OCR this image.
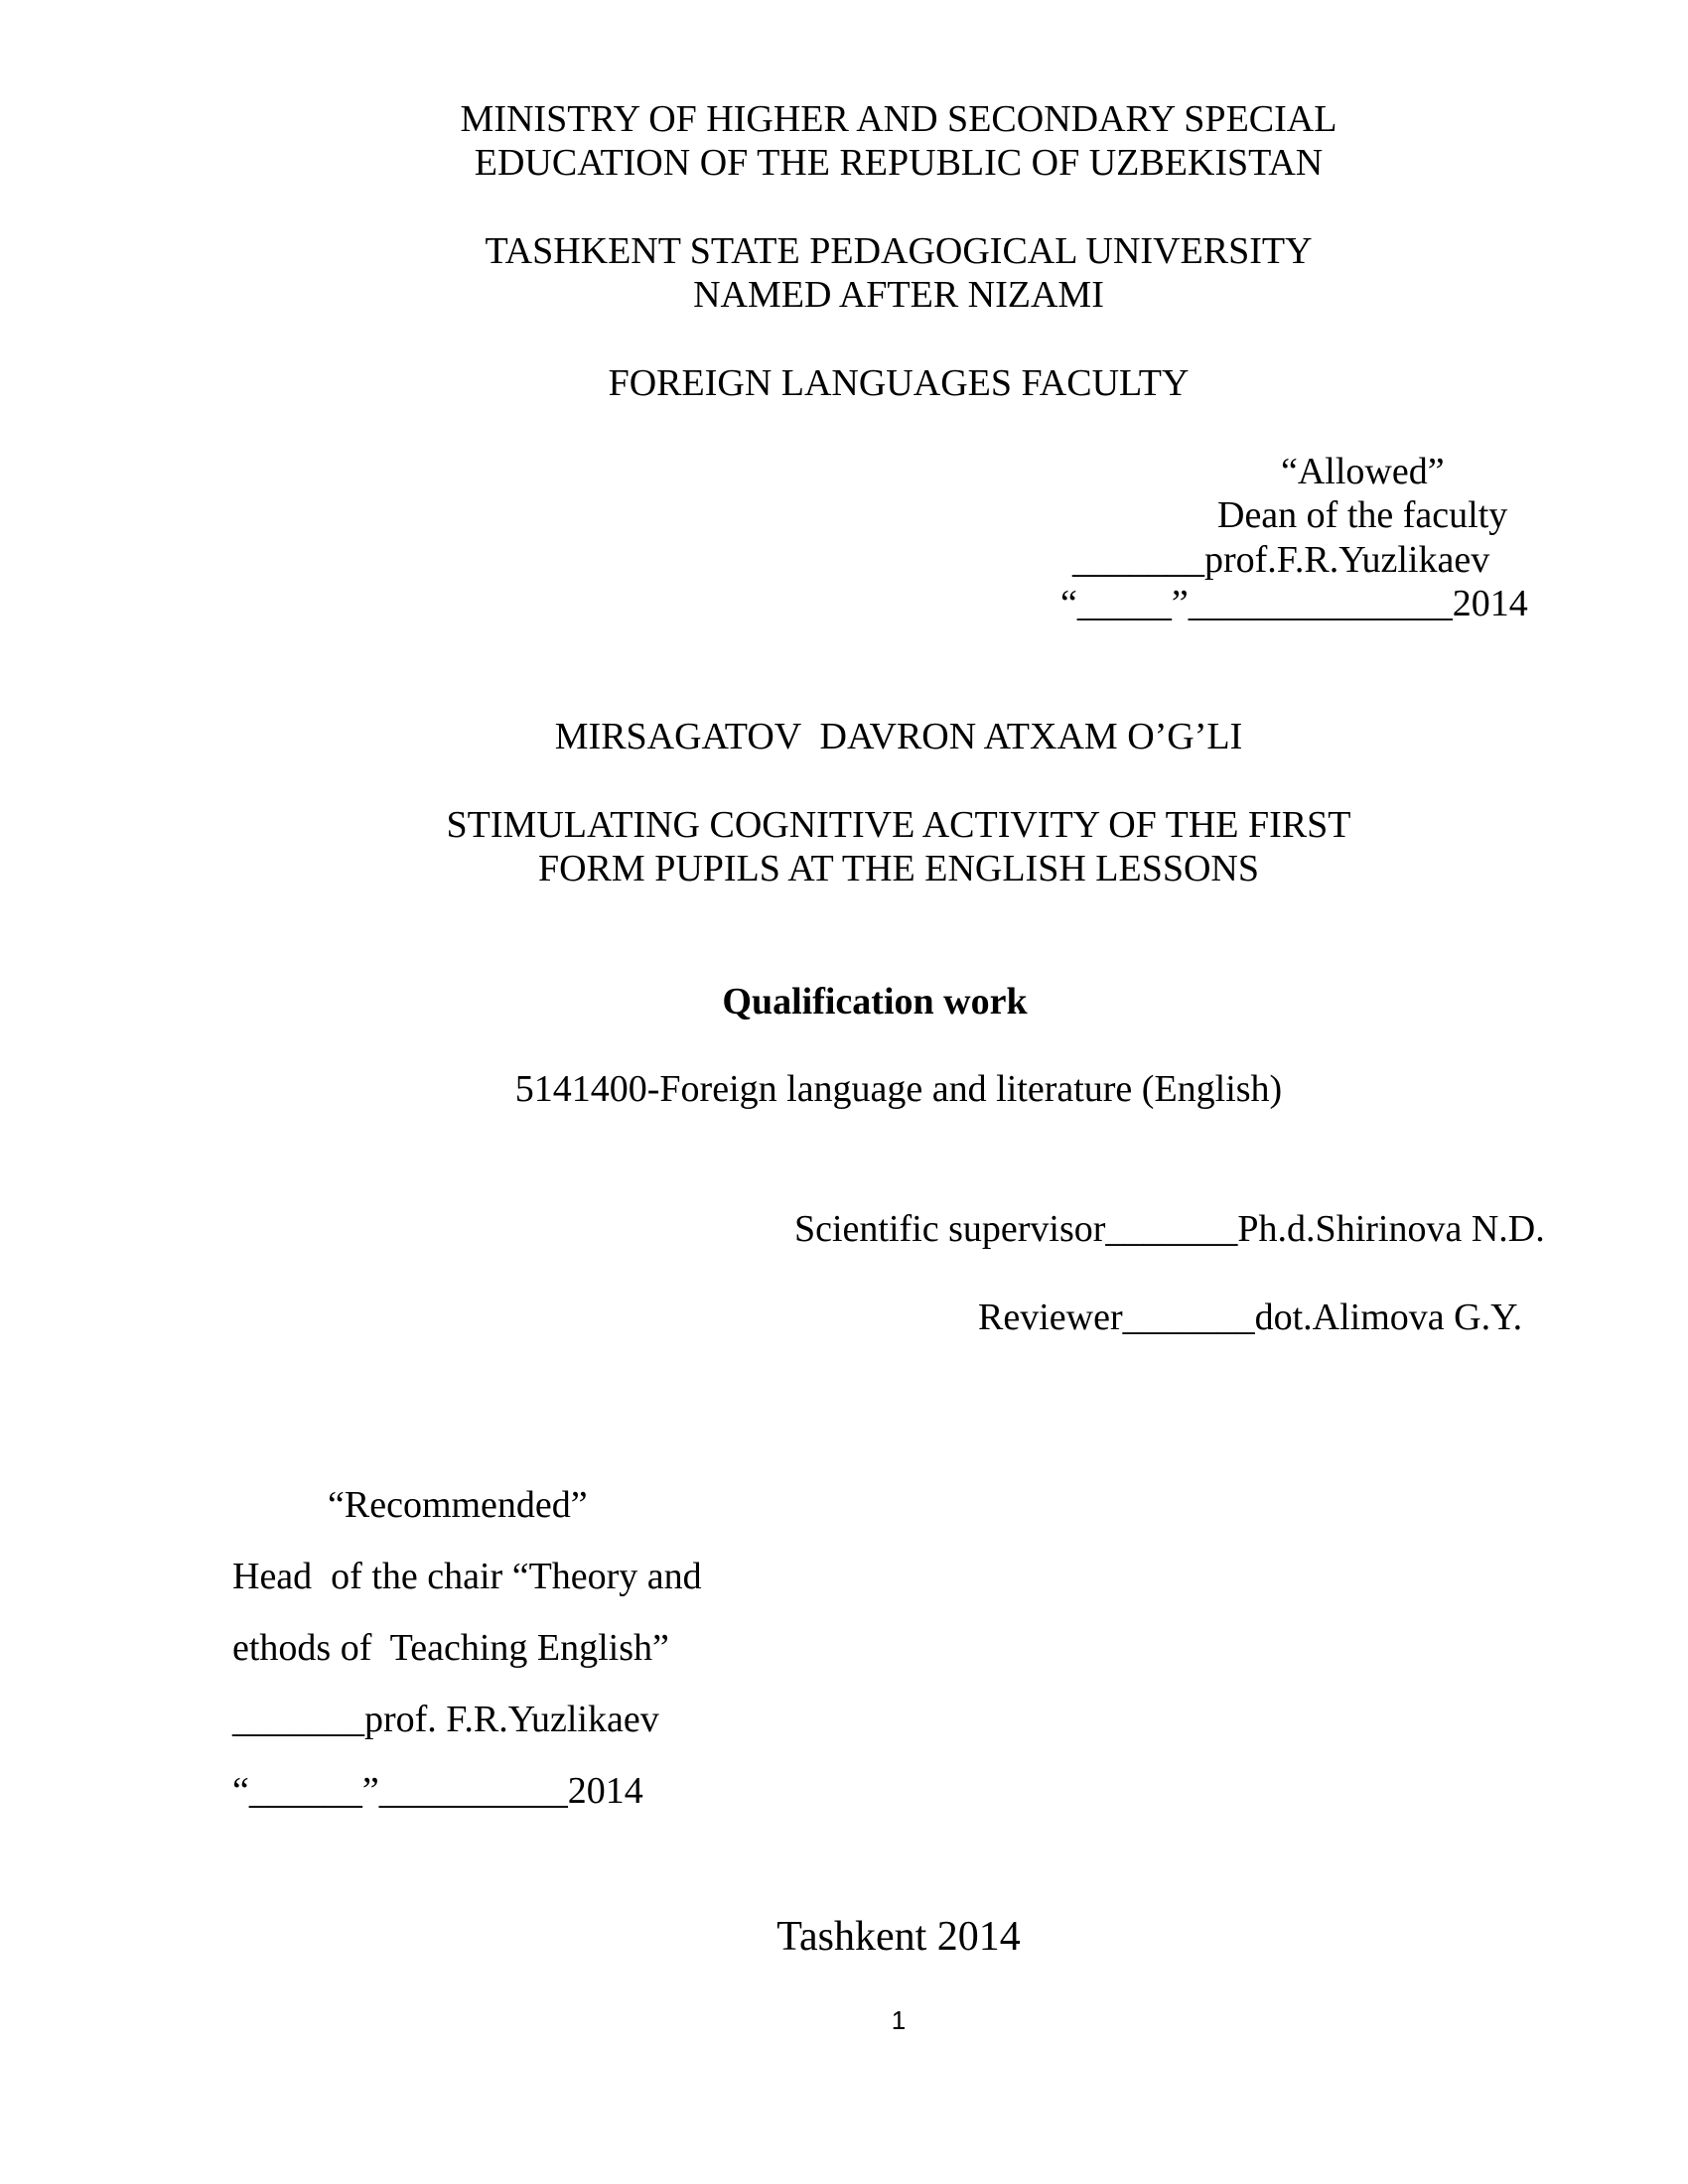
MINISTRY OF HIGHER AND SECONDARY SPECIAL
EDUCATION OF THE REPUBLIC OF UZBEKISTAN
TASHKENT STATE PEDAGOGICAL UNIVERSITY
NAMED AFTER NIZAMI
FOREIGN LANGUAGES FACULTY
“Allowed”
Dean of the faculty
_______prof.F.R.Yuzlikaev
“_____”______________2014
MIRSAGATOV  DAVRON ATXAM O’G’LI
STIMULATING COGNITIVE ACTIVITY OF THE FIRST
FORM PUPILS AT THE ENGLISH LESSONS
Qualification work
5141400-Foreign language and literature (English)
Scientific supervisor_______Ph.d.Shirinova N.D.
Reviewer_______dot.Alimova G.Y.
“Recommended”
Head  of the chair “Theory and
ethods of  Teaching English”
_______prof. F.R.Yuzlikaev
“______”__________2014
Tashkent 2014
1
